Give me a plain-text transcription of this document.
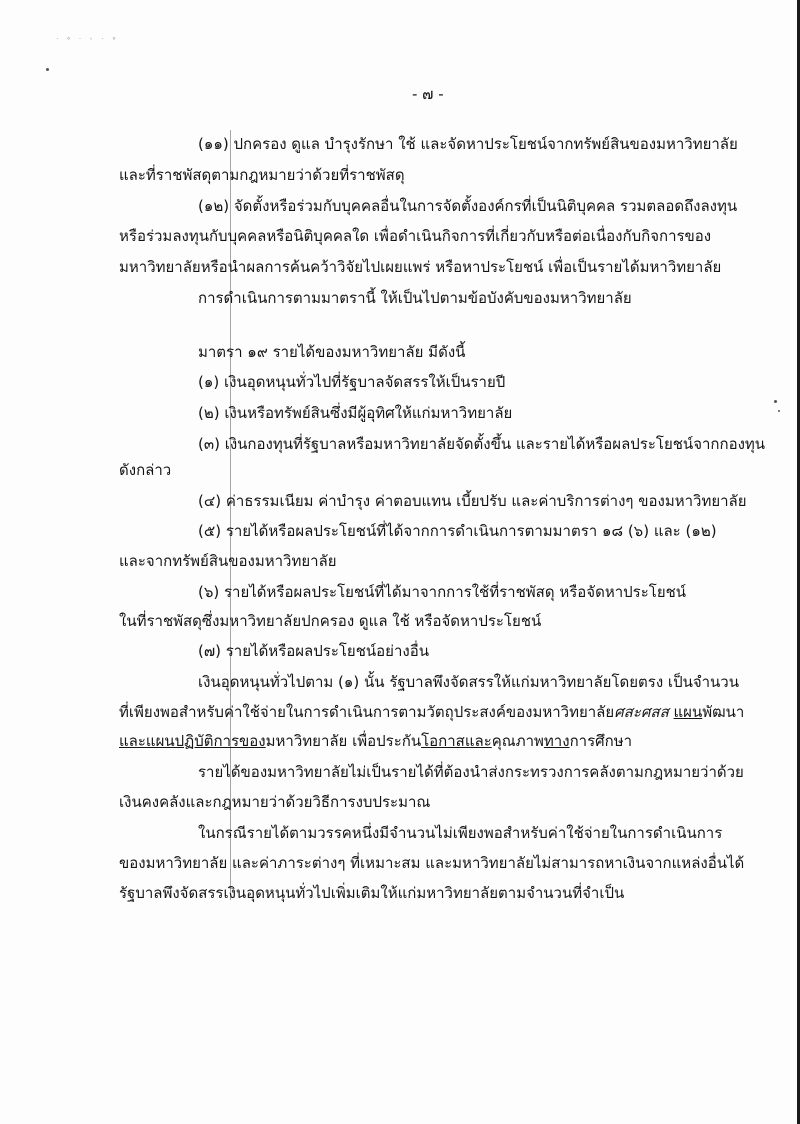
˙ ˚ ˙ ` ˙ ˚
- ๗ -
(๑๑) ปกครอง ดูแล บำรุงรักษา ใช้ และจัดหาประโยชน์จากทรัพย์สินของมหาวิทยาลัย
และที่ราชพัสดุตามกฎหมายว่าด้วยที่ราชพัสดุ
(๑๒) จัดตั้งหรือร่วมกับบุคคลอื่นในการจัดตั้งองค์กรที่เป็นนิติบุคคล รวมตลอดถึงลงทุน
หรือร่วมลงทุนกับบุคคลหรือนิติบุคคลใด เพื่อดำเนินกิจการที่เกี่ยวกับหรือต่อเนื่องกับกิจการของ
มหาวิทยาลัยหรือนำผลการค้นคว้าวิจัยไปเผยแพร่ หรือหาประโยชน์ เพื่อเป็นรายได้มหาวิทยาลัย
การดำเนินการตามมาตรานี้ ให้เป็นไปตามข้อบังคับของมหาวิทยาลัย
มาตรา ๑๙ รายได้ของมหาวิทยาลัย มีดังนี้
(๑) เงินอุดหนุนทั่วไปที่รัฐบาลจัดสรรให้เป็นรายปี
(๒) เงินหรือทรัพย์สินซึ่งมีผู้อุทิศให้แก่มหาวิทยาลัย
(๓) เงินกองทุนที่รัฐบาลหรือมหาวิทยาลัยจัดตั้งขึ้น และรายได้หรือผลประโยชน์จากกองทุน
ดังกล่าว
(๔) ค่าธรรมเนียม ค่าบำรุง ค่าตอบแทน เบี้ยปรับ และค่าบริการต่างๆ ของมหาวิทยาลัย
(๕) รายได้หรือผลประโยชน์ที่ได้จากการดำเนินการตามมาตรา ๑๘ (๖) และ (๑๒)
และจากทรัพย์สินของมหาวิทยาลัย
(๖) รายได้หรือผลประโยชน์ที่ได้มาจากการใช้ที่ราชพัสดุ หรือจัดหาประโยชน์
ในที่ราชพัสดุซึ่งมหาวิทยาลัยปกครอง ดูแล ใช้ หรือจัดหาประโยชน์
(๗) รายได้หรือผลประโยชน์อย่างอื่น
เงินอุดหนุนทั่วไปตาม (๑) นั้น รัฐบาลพึงจัดสรรให้แก่มหาวิทยาลัยโดยตรง เป็นจำนวน
ที่เพียงพอสำหรับค่าใช้จ่ายในการดำเนินการตามวัตถุประสงค์ของมหาวิทยาลัยศสะศสส แผนพัฒนา
และแผนปฏิบัติการของมหาวิทยาลัย เพื่อประกันโอกาสและคุณภาพทางการศึกษา
รายได้ของมหาวิทยาลัยไม่เป็นรายได้ที่ต้องนำส่งกระทรวงการคลังตามกฎหมายว่าด้วย
เงินคงคลังและกฎหมายว่าด้วยวิธีการงบประมาณ
ในกรณีรายได้ตามวรรคหนึ่งมีจำนวนไม่เพียงพอสำหรับค่าใช้จ่ายในการดำเนินการ
ของมหาวิทยาลัย และค่าภาระต่างๆ ที่เหมาะสม และมหาวิทยาลัยไม่สามารถหาเงินจากแหล่งอื่นได้
รัฐบาลพึงจัดสรรเงินอุดหนุนทั่วไปเพิ่มเติมให้แก่มหาวิทยาลัยตามจำนวนที่จำเป็น
